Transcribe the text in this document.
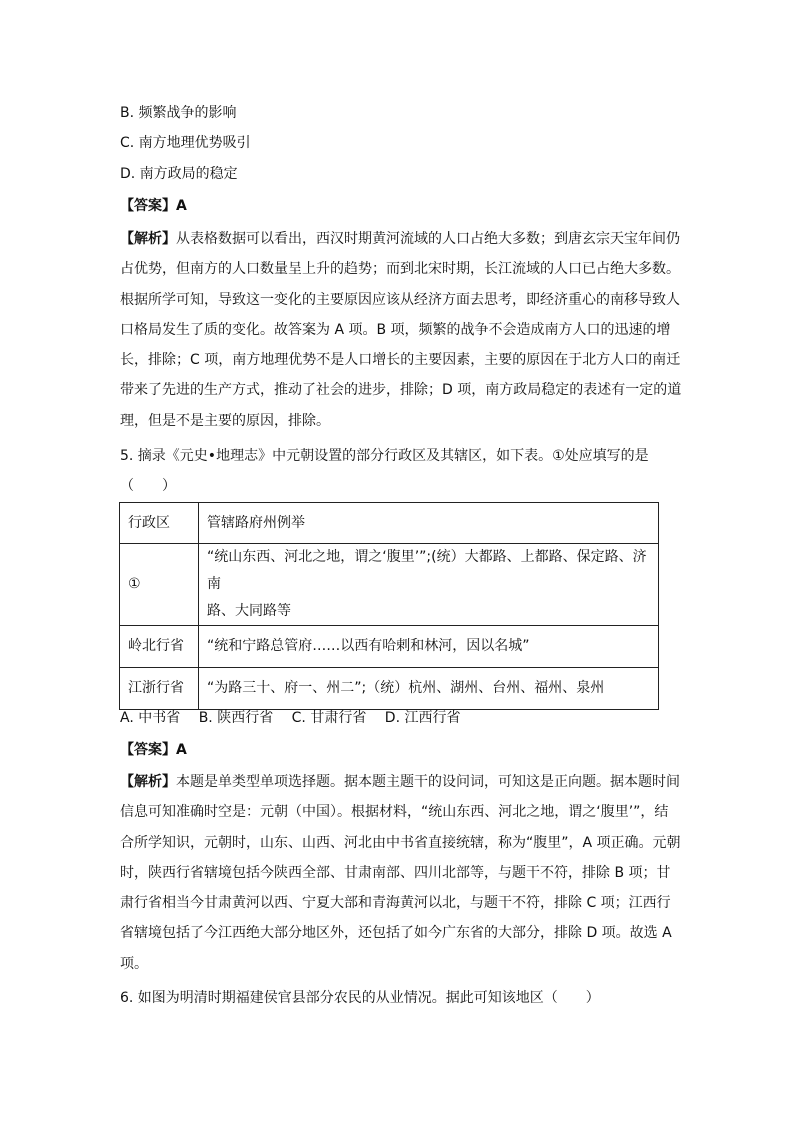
B. 频繁战争的影响
C. 南方地理优势吸引
D. 南方政局的稳定
【答案】A
【解析】从表格数据可以看出，西汉时期黄河流域的人口占绝大多数；到唐玄宗天宝年间仍
占优势，但南方的人口数量呈上升的趋势；而到北宋时期，长江流域的人口已占绝大多数。
根据所学可知，导致这一变化的主要原因应该从经济方面去思考，即经济重心的南移导致人
口格局发生了质的变化。故答案为 A 项。B 项，频繁的战争不会造成南方人口的迅速的增
长，排除；C 项，南方地理优势不是人口增长的主要因素，主要的原因在于北方人口的南迁
带来了先进的生产方式，推动了社会的进步，排除；D 项，南方政局稳定的表述有一定的道
理，但是不是主要的原因，排除。
5. 摘录《元史•地理志》中元朝设置的部分行政区及其辖区，如下表。①处应填写的是
（　　）
行政区	管辖路府州例举
①	“统山东西、河北之地，谓之‘腹里’”;(统）大都路、上都路、保定路、济南
路、大同路等

岭北行省	“统和宁路总管府……以西有哈剌和林河，因以名城”
江浙行省	“为路三十、府一、州二”;（统）杭州、湖州、台州、福州、泉州
A. 中书省 B. 陕西行省 C. 甘肃行省 D. 江西行省
【答案】A
【解析】本题是单类型单项选择题。据本题主题干的设问词，可知这是正向题。据本题时间
信息可知准确时空是：元朝（中国）。根据材料，“统山东西、河北之地，谓之‘腹里’”，结
合所学知识，元朝时，山东、山西、河北由中书省直接统辖，称为“腹里”，A 项正确。元朝
时，陕西行省辖境包括今陕西全部、甘肃南部、四川北部等，与题干不符，排除 B 项；甘
肃行省相当今甘肃黄河以西、宁夏大部和青海黄河以北，与题干不符，排除 C 项；江西行
省辖境包括了今江西绝大部分地区外，还包括了如今广东省的大部分，排除 D 项。故选 A
项。
6. 如图为明清时期福建侯官县部分农民的从业情况。据此可知该地区（　　）
